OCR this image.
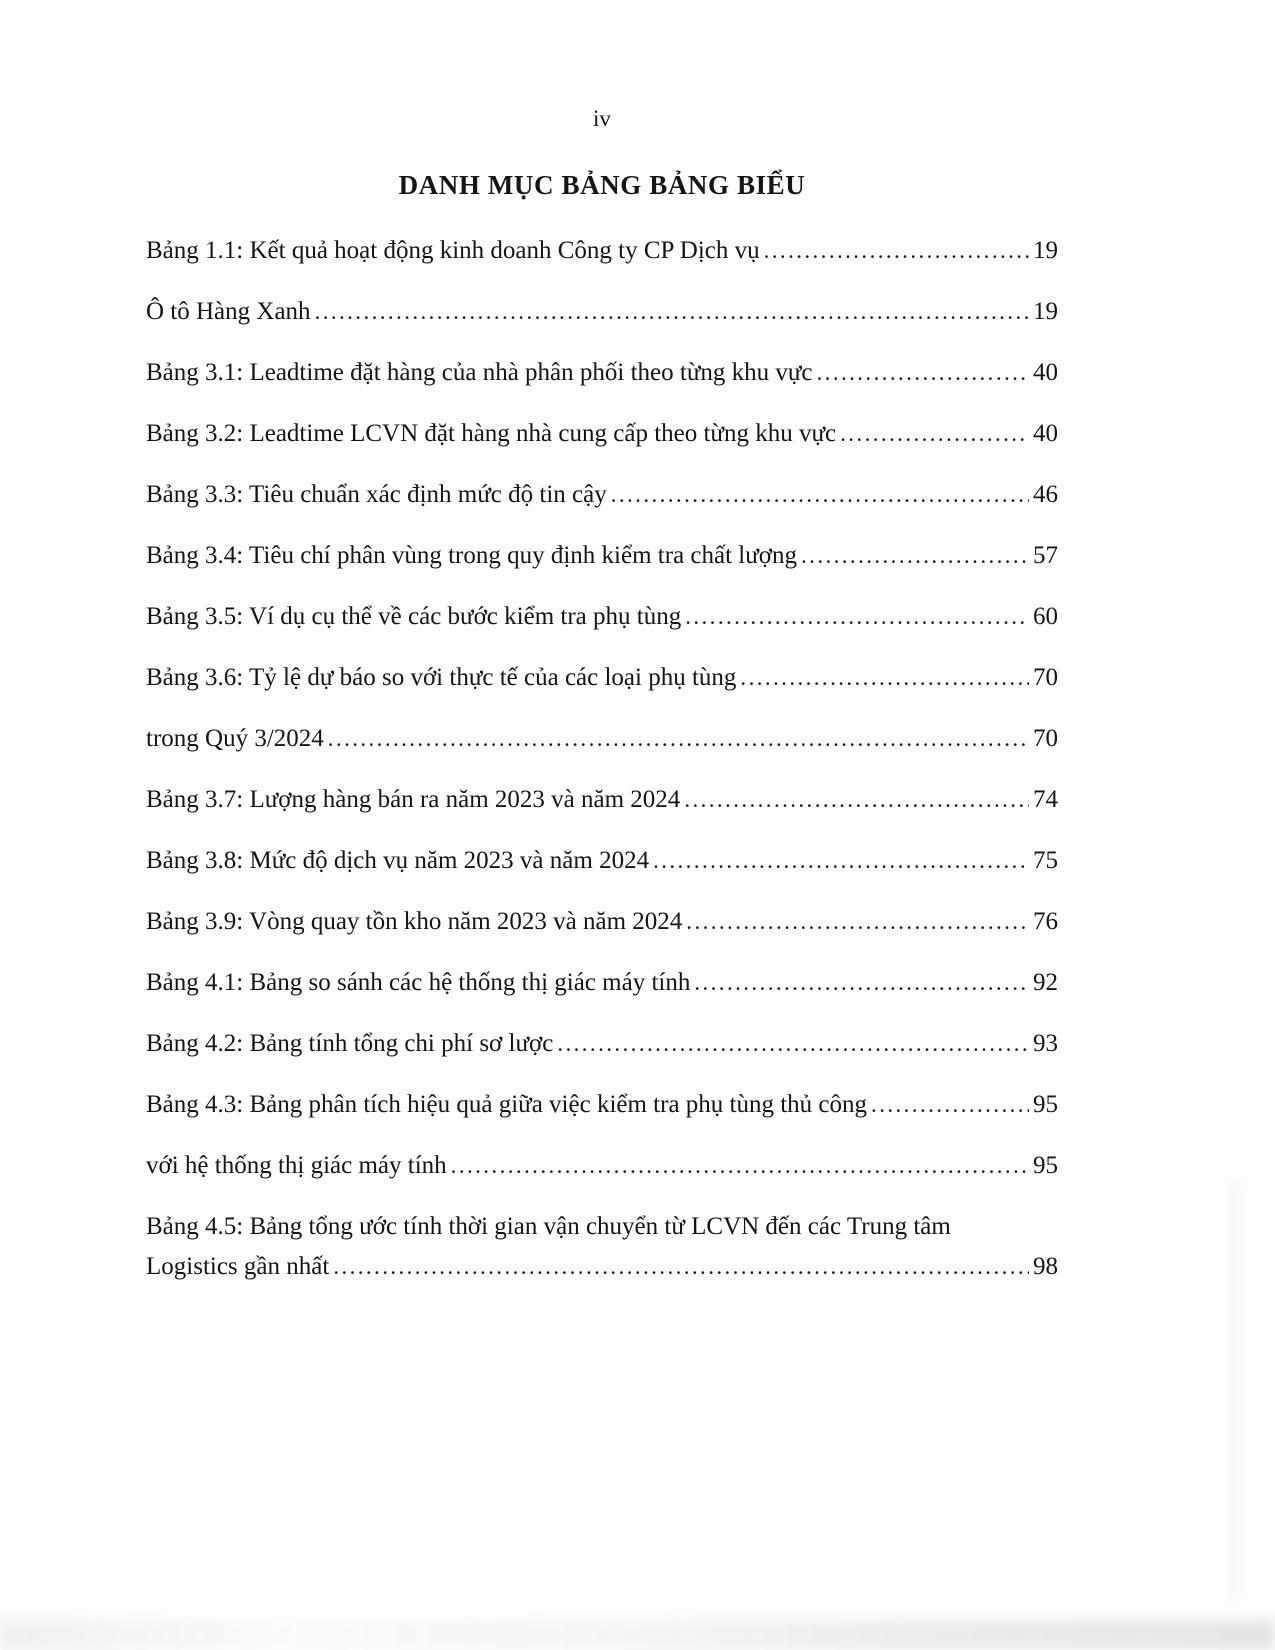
iv
DANH MỤC BẢNG BẢNG BIỂU
Bảng 1.1: Kết quả hoạt động kinh doanh Công ty CP Dịch vụ .....	19
Ô tô Hàng Xanh .....	19
Bảng 3.1: Leadtime đặt hàng của nhà phân phối theo từng khu vực .....	40
Bảng 3.2: Leadtime LCVN đặt hàng nhà cung cấp theo từng khu vực .....	40
Bảng 3.3: Tiêu chuẩn xác định mức độ tin cậy .....	46
Bảng 3.4: Tiêu chí phân vùng trong quy định kiểm tra chất lượng .....	57
Bảng 3.5: Ví dụ cụ thể về các bước kiểm tra phụ tùng .....	60
Bảng 3.6: Tỷ lệ dự báo so với thực tế của các loại phụ tùng .....	70
trong Quý 3/2024 .....	70
Bảng 3.7: Lượng hàng bán ra năm 2023 và năm 2024 .....	74
Bảng 3.8: Mức độ dịch vụ năm 2023 và năm 2024 .....	75
Bảng 3.9: Vòng quay tồn kho năm 2023 và năm 2024 .....	76
Bảng 4.1: Bảng so sánh các hệ thống thị giác máy tính .....	92
Bảng 4.2: Bảng tính tổng chi phí sơ lược .....	93
Bảng 4.3: Bảng phân tích hiệu quả giữa việc kiểm tra phụ tùng thủ công .....	95
với hệ thống thị giác máy tính .....	95
Bảng 4.5: Bảng tổng ước tính thời gian vận chuyển từ LCVN đến các Trung tâm
Logistics gần nhất .....	98
